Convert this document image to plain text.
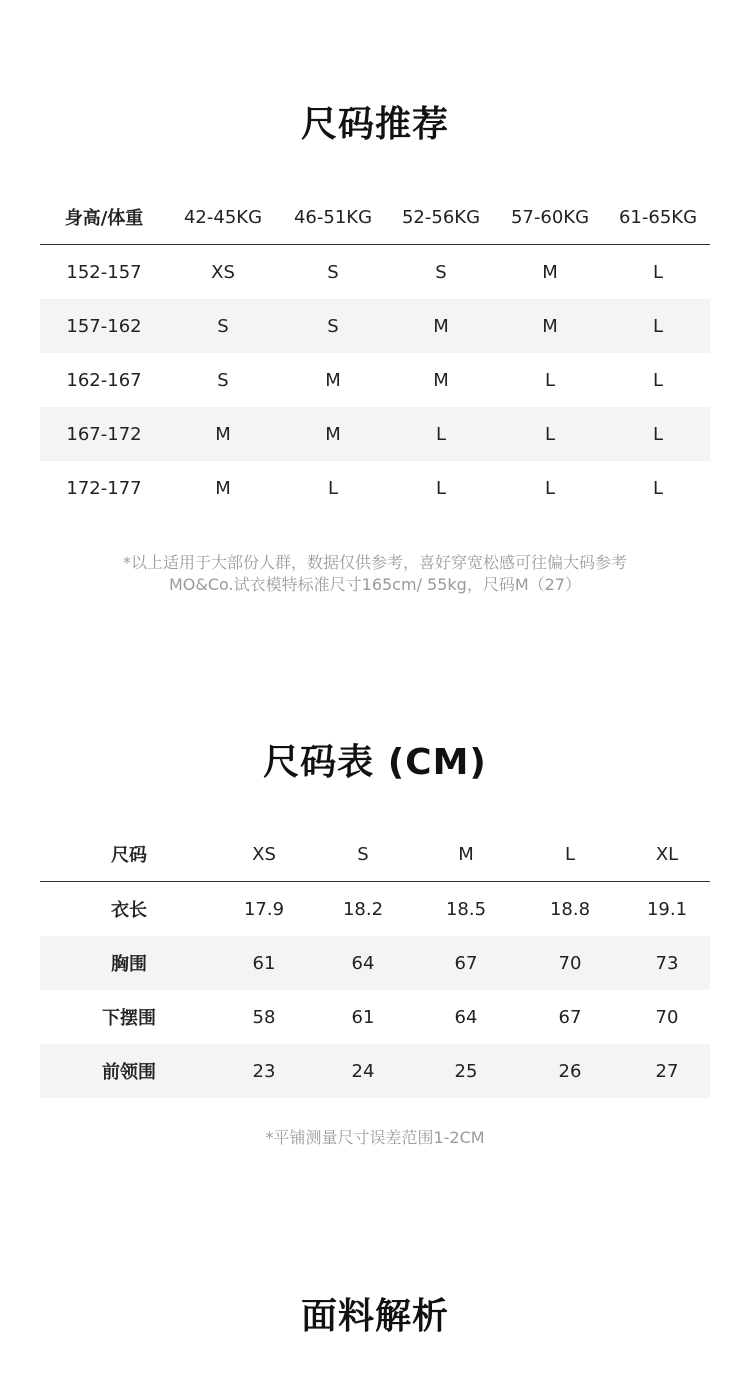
尺码推荐
身高/体重	42-45KG	46-51KG	52-56KG	57-60KG	61-65KG
152-157	XS	S	S	M	L
157-162	S	S	M	M	L
162-167	S	M	M	L	L
167-172	M	M	L	L	L
172-177	M	L	L	L	L

*以上适用于大部份人群，数据仅供参考，喜好穿宽松感可往偏大码参考

MO&Co.试衣模特标准尺寸165cm/ 55kg，尺码M（27）

尺码表 (CM)
尺码	XS	S	M	L	XL
衣长	17.9	18.2	18.5	18.8	19.1
胸围	61	64	67	70	73
下摆围	58	61	64	67	70
前领围	23	24	25	26	27

*平铺测量尺寸误差范围1-2CM

面料解析
